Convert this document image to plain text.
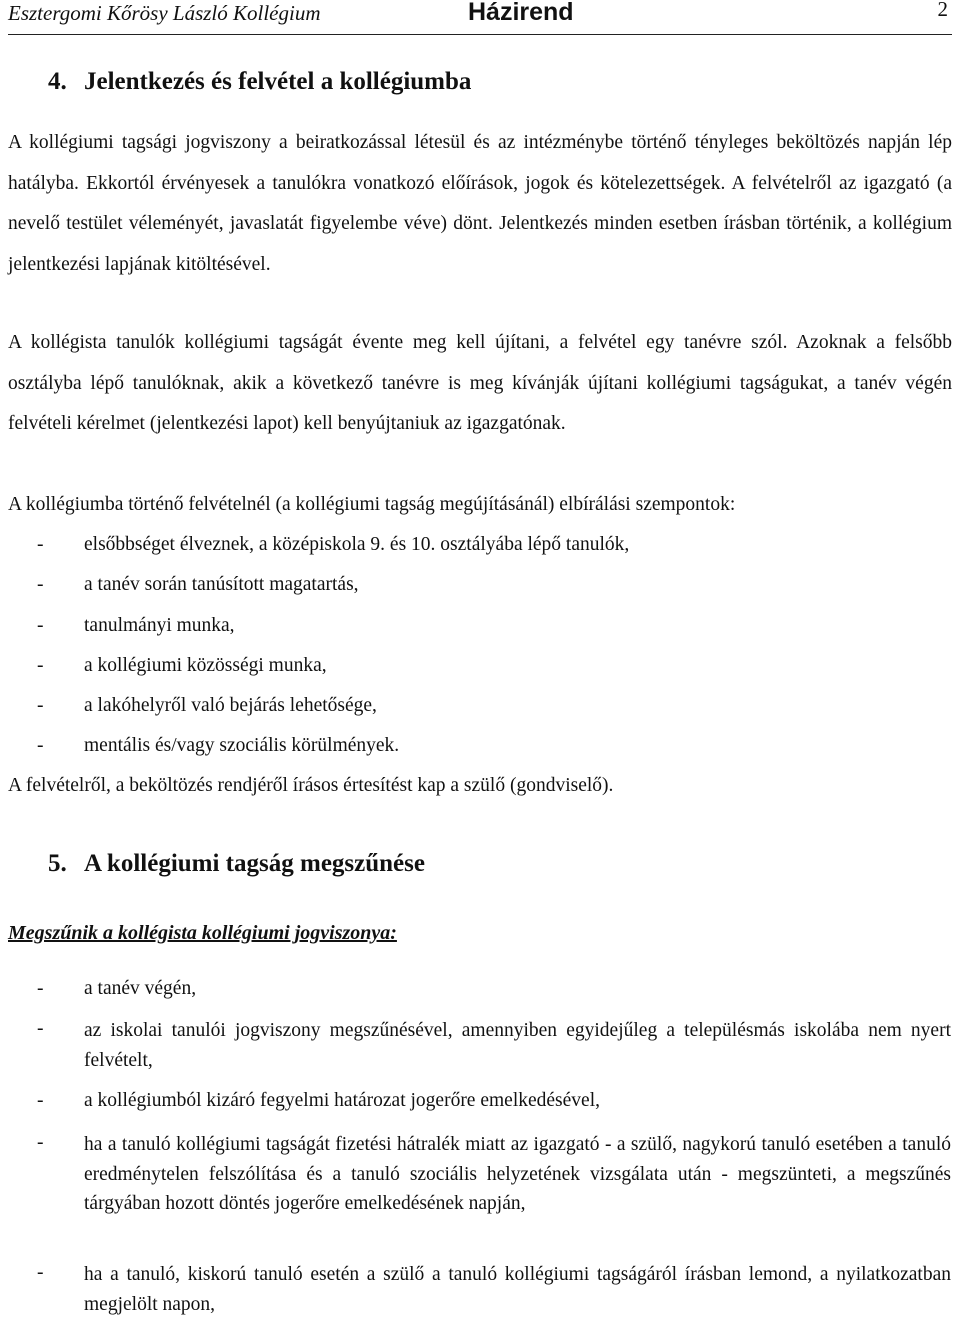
Esztergomi Kőrösy László Kollégium	Házirend	2
4. Jelentkezés és felvétel a kollégiumba

A kollégiumi tagsági jogviszony a beiratkozással létesül és az intézménybe történő tényleges beköltözés napján lép hatályba. Ekkortól érvényesek a tanulókra vonatkozó előírások, jogok és kötelezettségek. A felvételről az igazgató (a nevelő testület véleményét, javaslatát figyelembe véve) dönt. Jelentkezés minden esetben írásban történik, a kollégium jelentkezési lapjának kitöltésével.

A kollégista tanulók kollégiumi tagságát évente meg kell újítani, a felvétel egy tanévre szól. Azoknak a felsőbb osztályba lépő tanulóknak, akik a következő tanévre is meg kívánják újítani kollégiumi tagságukat, a tanév végén felvételi kérelmet (jelentkezési lapot) kell benyújtaniuk az igazgatónak.

A kollégiumba történő felvételnél (a kollégiumi tagság megújításánál) elbírálási szempontok:

- elsőbbséget élveznek, a középiskola 9. és 10. osztályába lépő tanulók,
- a tanév során tanúsított magatartás,
- tanulmányi munka,
- a kollégiumi közösségi munka,
- a lakóhelyről való bejárás lehetősége,
- mentális és/vagy szociális körülmények.

A felvételről, a beköltözés rendjéről írásos értesítést kap a szülő (gondviselő).

5. A kollégiumi tagság megszűnése

Megszűnik a kollégista kollégiumi jogviszonya:

- a tanév végén,
- az iskolai tanulói jogviszony megszűnésével, amennyiben egyidejűleg a településmás iskolába nem nyert felvételt,
- a kollégiumból kizáró fegyelmi határozat jogerőre emelkedésével,
- ha a tanuló kollégiumi tagságát fizetési hátralék miatt az igazgató - a szülő, nagykorú tanuló esetében a tanuló eredménytelen felszólítása és a tanuló szociális helyzetének vizsgálata után - megszünteti, a megszűnés tárgyában hozott döntés jogerőre emelkedésének napján,
- ha a tanuló, kiskorú tanuló esetén a szülő a tanuló kollégiumi tagságáról írásban lemond, a nyilatkozatban megjelölt napon,
